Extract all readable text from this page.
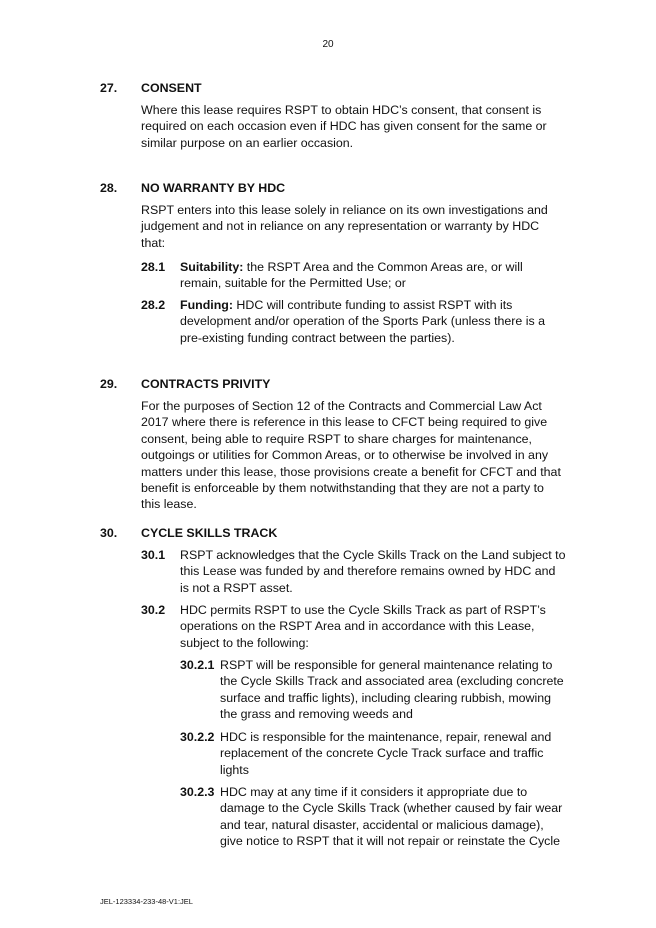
20
27. CONSENT
Where this lease requires RSPT to obtain HDC’s consent, that consent is required on each occasion even if HDC has given consent for the same or similar purpose on an earlier occasion.
28. NO WARRANTY BY HDC
RSPT enters into this lease solely in reliance on its own investigations and judgement and not in reliance on any representation or warranty by HDC that:
28.1 Suitability: the RSPT Area and the Common Areas are, or will remain, suitable for the Permitted Use; or
28.2 Funding: HDC will contribute funding to assist RSPT with its development and/or operation of the Sports Park (unless there is a pre-existing funding contract between the parties).
29. CONTRACTS PRIVITY
For the purposes of Section 12 of the Contracts and Commercial Law Act 2017 where there is reference in this lease to CFCT being required to give consent, being able to require RSPT to share charges for maintenance, outgoings or utilities for Common Areas, or to otherwise be involved in any matters under this lease, those provisions create a benefit for CFCT and that benefit is enforceable by them notwithstanding that they are not a party to this lease.
30. CYCLE SKILLS TRACK
30.1 RSPT acknowledges that the Cycle Skills Track on the Land subject to this Lease was funded by and therefore remains owned by HDC and is not a RSPT asset.
30.2 HDC permits RSPT to use the Cycle Skills Track as part of RSPT’s operations on the RSPT Area and in accordance with this Lease, subject to the following:
30.2.1 RSPT will be responsible for general maintenance relating to the Cycle Skills Track and associated area (excluding concrete surface and traffic lights), including clearing rubbish, mowing the grass and removing weeds and
30.2.2 HDC is responsible for the maintenance, repair, renewal and replacement of the concrete Cycle Track surface and traffic lights
30.2.3 HDC may at any time if it considers it appropriate due to damage to the Cycle Skills Track (whether caused by fair wear and tear, natural disaster, accidental or malicious damage), give notice to RSPT that it will not repair or reinstate the Cycle
JEL-123334-233-48-V1:JEL
